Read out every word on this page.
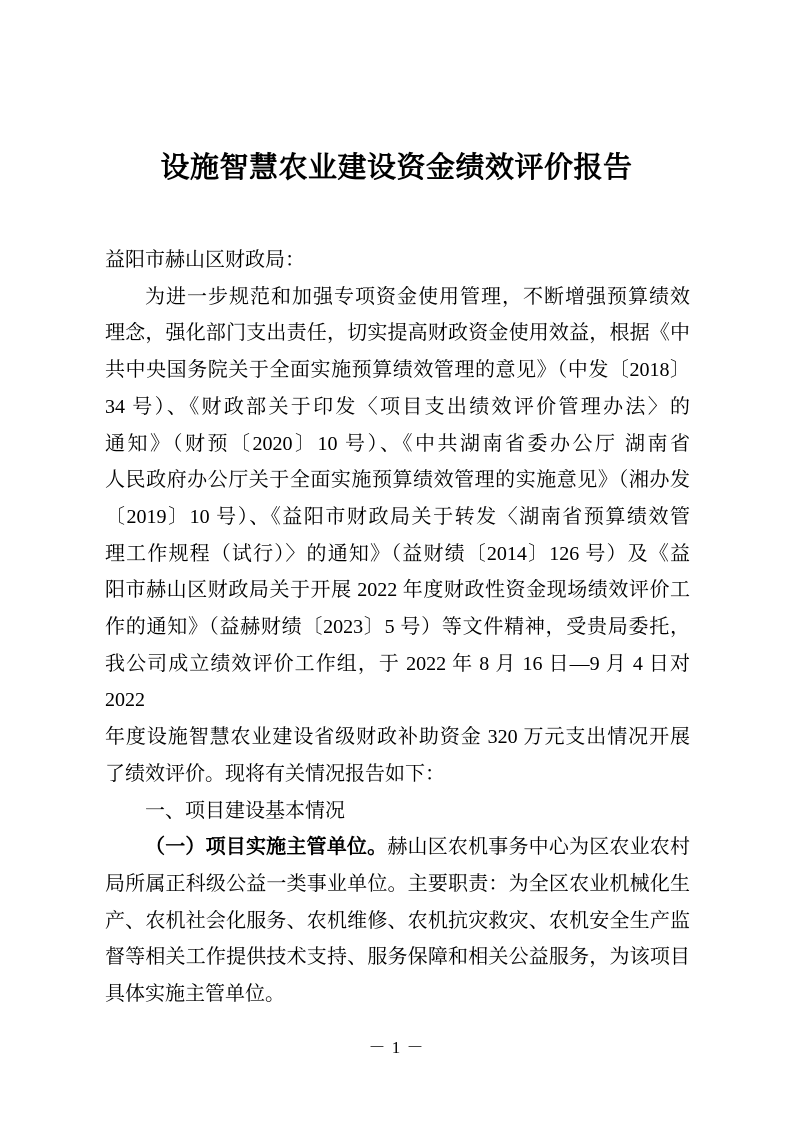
设施智慧农业建设资金绩效评价报告
益阳市赫山区财政局：
为进一步规范和加强专项资金使用管理，不断增强预算绩效
理念，强化部门支出责任，切实提高财政资金使用效益，根据《中
共中央国务院关于全面实施预算绩效管理的意见》（中发〔2018〕
34 号）、《财政部关于印发〈项目支出绩效评价管理办法〉的
通知》（财预〔2020〕10 号）、《中共湖南省委办公厅 湖南省
人民政府办公厅关于全面实施预算绩效管理的实施意见》（湘办发
〔2019〕10 号）、《益阳市财政局关于转发〈湖南省预算绩效管
理工作规程（试行）〉的通知》（益财绩〔2014〕126 号）及《益
阳市赫山区财政局关于开展 2022 年度财政性资金现场绩效评价工
作的通知》（益赫财绩〔2023〕5 号）等文件精神，受贵局委托，
我公司成立绩效评价工作组，于 2022 年 8 月 16 日—9 月 4 日对 2022
年度设施智慧农业建设省级财政补助资金 320 万元支出情况开展
了绩效评价。现将有关情况报告如下：
一、项目建设基本情况
（一）项目实施主管单位。赫山区农机事务中心为区农业农村
局所属正科级公益一类事业单位。主要职责：为全区农业机械化生
产、农机社会化服务、农机维修、农机抗灾救灾、农机安全生产监
督等相关工作提供技术支持、服务保障和相关公益服务，为该项目
具体实施主管单位。
－ 1 －
